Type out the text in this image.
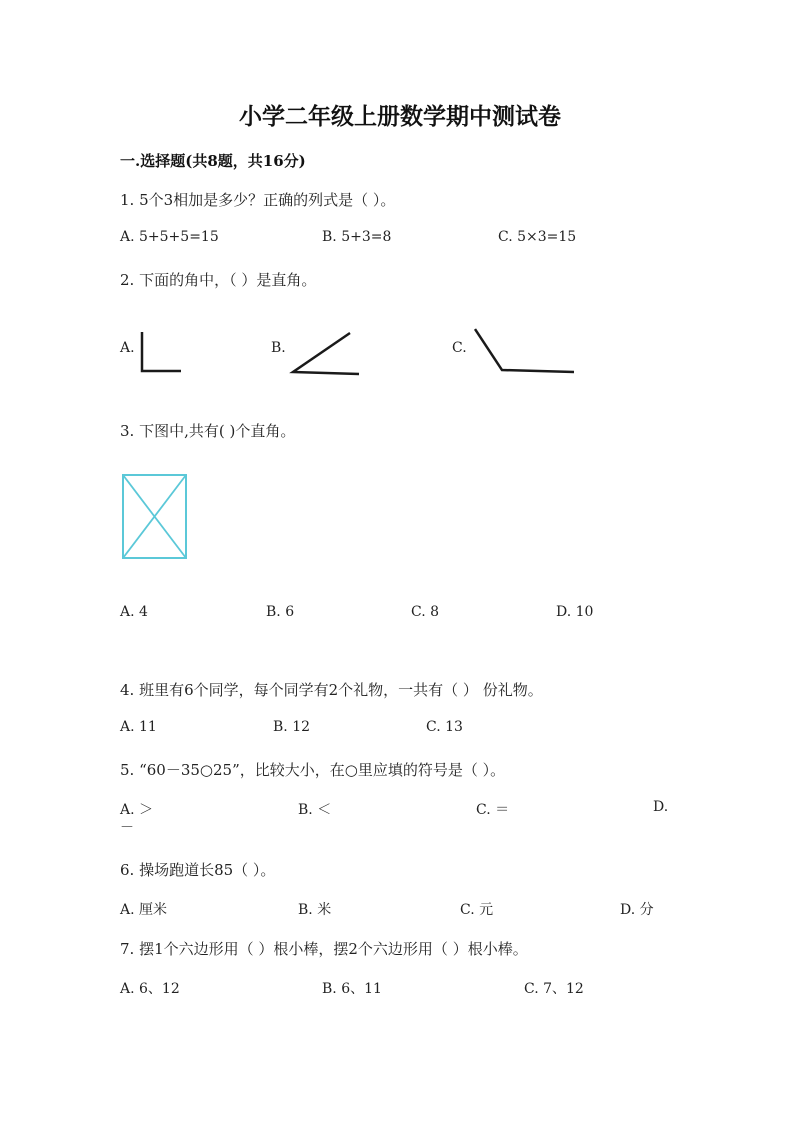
小学二年级上册数学期中测试卷
一.选择题(共8题，共16分)
1. 5个3相加是多少？正确的列式是（ ）。
A. 5+5+5=15	B. 5+3=8	C. 5×3=15
2. 下面的角中，（ ）是直角。
A.	B.	C.
3. 下图中,共有( )个直角。
A. 4	B. 6	C. 8	D. 10
4. 班里有6个同学，每个同学有2个礼物，一共有（ ） 份礼物。
A. 11	B. 12	C. 13
5. “60－35○25”，比较大小，在○里应填的符号是（ ）。
A. ＞	B. ＜	C. ＝	D.
－
6. 操场跑道长85（ ）。
A. 厘米	B. 米	C. 元	D. 分
7. 摆1个六边形用（ ）根小棒，摆2个六边形用（ ）根小棒。
A. 6、12	B. 6、11	C. 7、12
